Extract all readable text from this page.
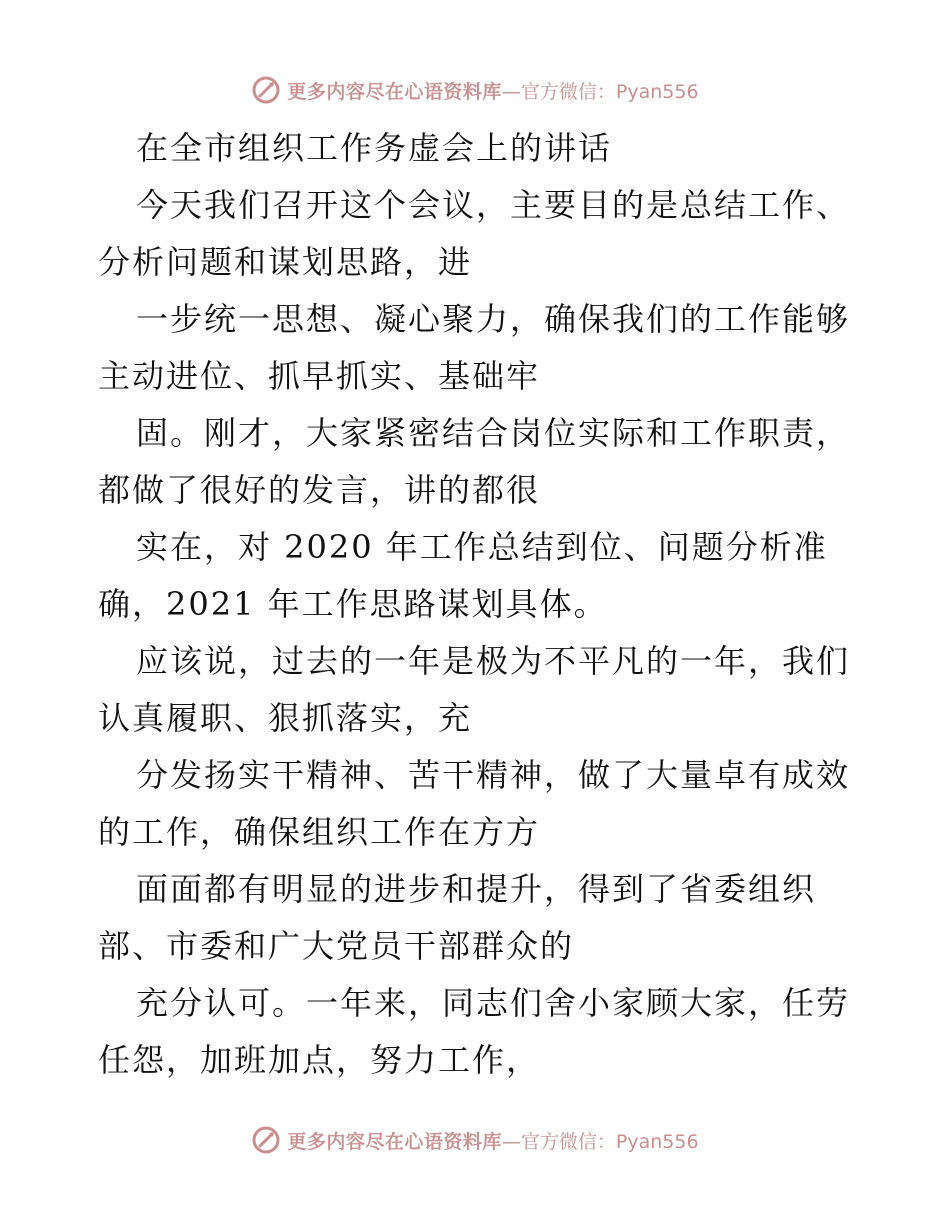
更多内容尽在心语资料库 —官方微信：Pyan556
在全市组织工作务虚会上的讲话
今天我们召开这个会议，主要目的是总结工作、
分析问题和谋划思路，进
一步统一思想、凝心聚力，确保我们的工作能够
主动进位、抓早抓实、基础牢
固。刚才，大家紧密结合岗位实际和工作职责，
都做了很好的发言，讲的都很
实在，对 2020 年工作总结到位、问题分析准
确，2021 年工作思路谋划具体。
应该说，过去的一年是极为不平凡的一年，我们
认真履职、狠抓落实，充
分发扬实干精神、苦干精神，做了大量卓有成效
的工作，确保组织工作在方方
面面都有明显的进步和提升，得到了省委组织
部、市委和广大党员干部群众的
充分认可。一年来，同志们舍小家顾大家，任劳
任怨，加班加点，努力工作，
更多内容尽在心语资料库 —官方微信：Pyan556
